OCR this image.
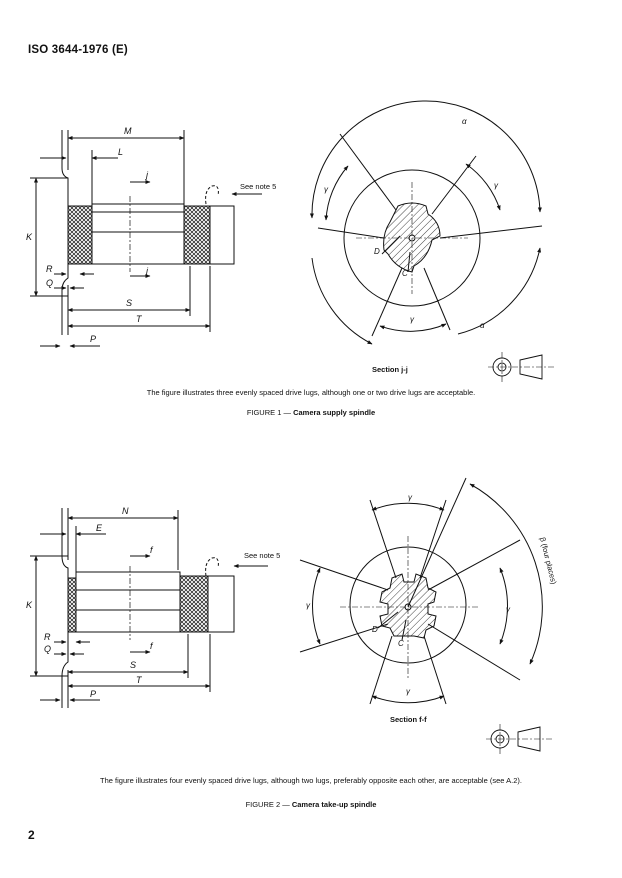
ISO 3644-1976 (E)
M
L
K
R
Q
j
j
S
T
P
See note 5
α
α
γ	γ
γ
D
C
Section j-j
N
E
K
R
Q
f
f
S
T
P
See note 5
γ
γ	γ
γ
D
C
β (four places)
Section f-f
The figure illustrates three evenly spaced drive lugs, although one or two drive lugs are acceptable.
FIGURE 1 — Camera supply spindle
The figure illustrates four evenly spaced drive lugs, although two lugs, preferably opposite each other, are acceptable (see A.2).
FIGURE 2 — Camera take-up spindle
2
